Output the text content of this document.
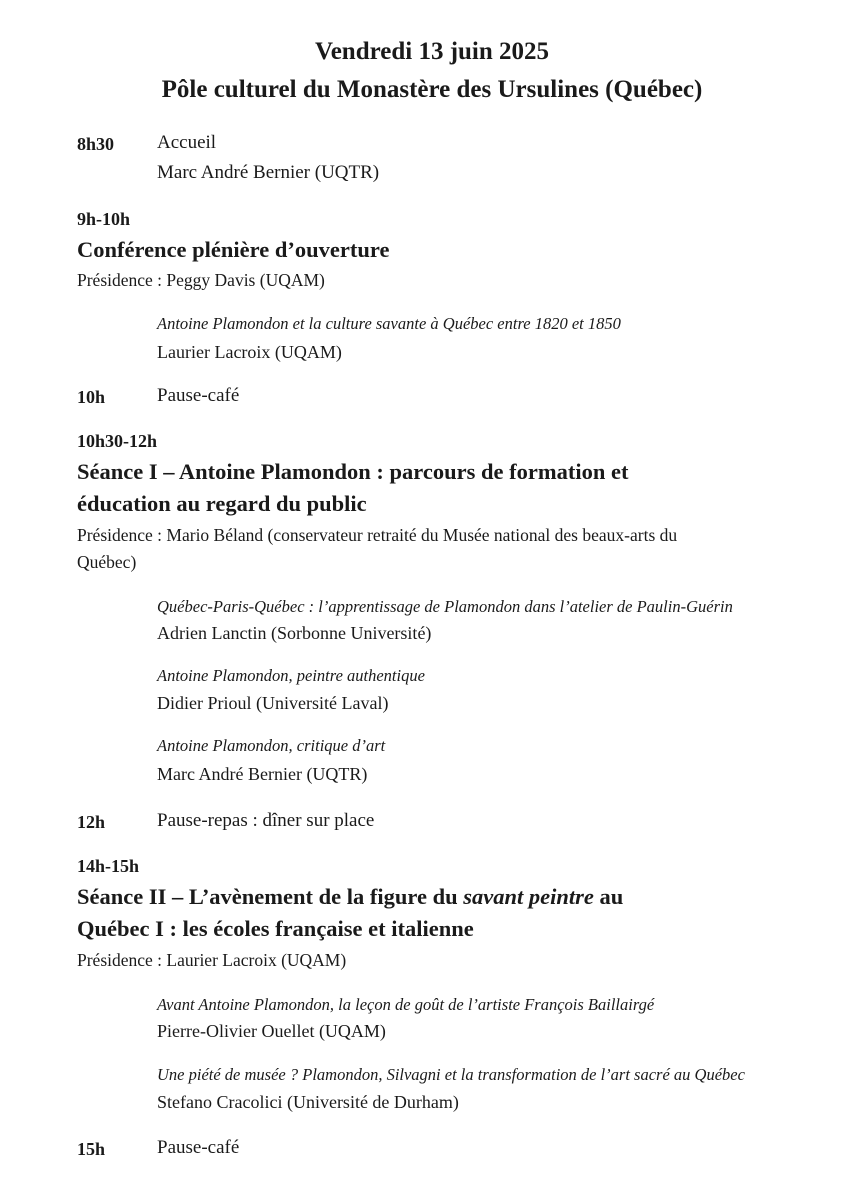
Vendredi 13 juin 2025
Pôle culturel du Monastère des Ursulines (Québec)
8h30 Accueil
Marc André Bernier (UQTR)
9h-10h
Conférence plénière d’ouverture
Présidence : Peggy Davis (UQAM)
Antoine Plamondon et la culture savante à Québec entre 1820 et 1850
Laurier Lacroix (UQAM)
10h	Pause-café
10h30-12h
Séance I – Antoine Plamondon : parcours de formation et
éducation au regard du public
Présidence : Mario Béland (conservateur retraité du Musée national des beaux-arts du
Québec)
Québec-Paris-Québec : l’apprentissage de Plamondon dans l’atelier de Paulin-Guérin
Adrien Lanctin (Sorbonne Université)
Antoine Plamondon, peintre authentique
Didier Prioul (Université Laval)
Antoine Plamondon, critique d’art
Marc André Bernier (UQTR)
12h	Pause-repas : dîner sur place
14h-15h
Séance II – L’avènement de la figure du savant peintre au
Québec I : les écoles française et italienne
Présidence : Laurier Lacroix (UQAM)
Avant Antoine Plamondon, la leçon de goût de l’artiste François Baillairgé
Pierre-Olivier Ouellet (UQAM)
Une piété de musée ? Plamondon, Silvagni et la transformation de l’art sacré au Québec
Stefano Cracolici (Université de Durham)
15h	Pause-café
